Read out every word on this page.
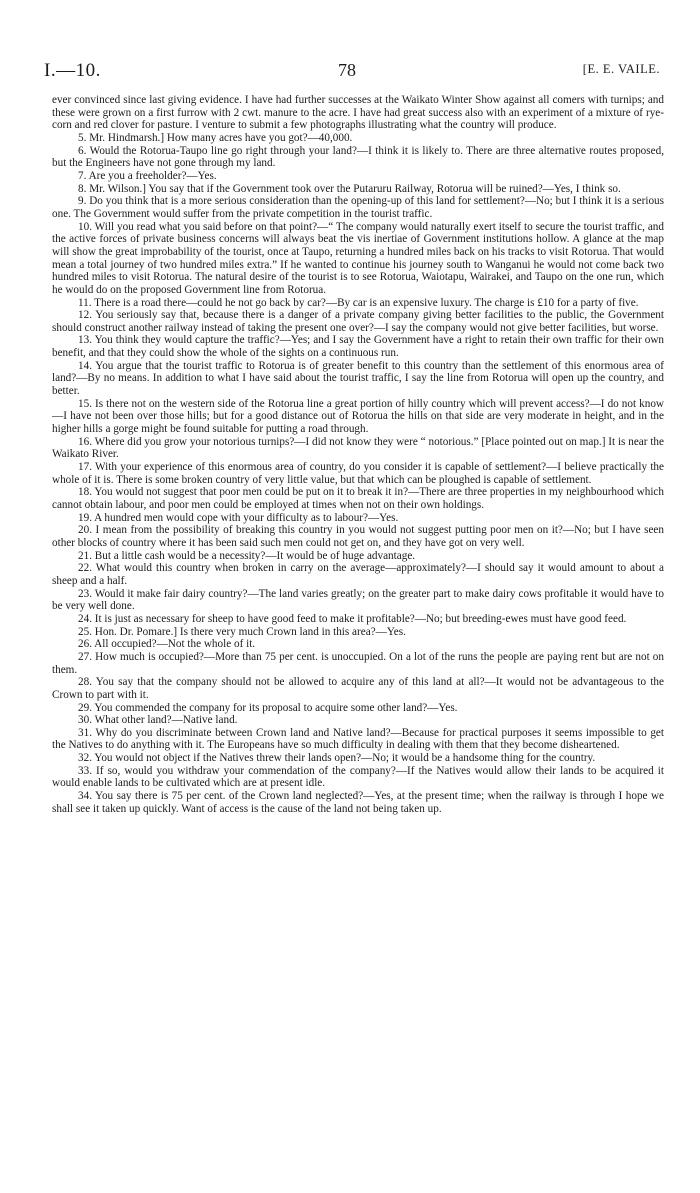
I.—10.	78	[E. E. VAILE.

ever convinced since last giving evidence. I have had further successes at the Waikato Winter Show against all comers with turnips; and these were grown on a first furrow with 2 cwt. manure to the acre. I have had great success also with an experiment of a mixture of rye-corn and red clover for pasture. I venture to submit a few photographs illustrating what the country will produce.

5. Mr. Hindmarsh.] How many acres have you got?—40,000.

6. Would the Rotorua-Taupo line go right through your land?—I think it is likely to. There are three alternative routes proposed, but the Engineers have not gone through my land.

7. Are you a freeholder?—Yes.

8. Mr. Wilson.] You say that if the Government took over the Putaruru Railway, Rotorua will be ruined?—Yes, I think so.

9. Do you think that is a more serious consideration than the opening-up of this land for settlement?—No; but I think it is a serious one. The Government would suffer from the private competition in the tourist traffic.

10. Will you read what you said before on that point?—“ The company would naturally exert itself to secure the tourist traffic, and the active forces of private business concerns will always beat the vis inertiae of Government institutions hollow. A glance at the map will show the great improbability of the tourist, once at Taupo, returning a hundred miles back on his tracks to visit Rotorua. That would mean a total journey of two hundred miles extra.” If he wanted to continue his journey south to Wanganui he would not come back two hundred miles to visit Rotorua. The natural desire of the tourist is to see Rotorua, Waiotapu, Wairakei, and Taupo on the one run, which he would do on the proposed Government line from Rotorua.

11. There is a road there—could he not go back by car?—By car is an expensive luxury. The charge is £10 for a party of five.

12. You seriously say that, because there is a danger of a private company giving better facilities to the public, the Government should construct another railway instead of taking the present one over?—I say the company would not give better facilities, but worse.

13. You think they would capture the traffic?—Yes; and I say the Government have a right to retain their own traffic for their own benefit, and that they could show the whole of the sights on a continuous run.

14. You argue that the tourist traffic to Rotorua is of greater benefit to this country than the settlement of this enormous area of land?—By no means. In addition to what I have said about the tourist traffic, I say the line from Rotorua will open up the country, and better.

15. Is there not on the western side of the Rotorua line a great portion of hilly country which will prevent access?—I do not know—I have not been over those hills; but for a good distance out of Rotorua the hills on that side are very moderate in height, and in the higher hills a gorge might be found suitable for putting a road through.

16. Where did you grow your notorious turnips?—I did not know they were “ notorious.” [Place pointed out on map.] It is near the Waikato River.

17. With your experience of this enormous area of country, do you consider it is capable of settlement?—I believe practically the whole of it is. There is some broken country of very little value, but that which can be ploughed is capable of settlement.

18. You would not suggest that poor men could be put on it to break it in?—There are three properties in my neighbourhood which cannot obtain labour, and poor men could be employed at times when not on their own holdings.

19. A hundred men would cope with your difficulty as to labour?—Yes.

20. I mean from the possibility of breaking this country in you would not suggest putting poor men on it?—No; but I have seen other blocks of country where it has been said such men could not get on, and they have got on very well.

21. But a little cash would be a necessity?—It would be of huge advantage.

22. What would this country when broken in carry on the average—approximately?—I should say it would amount to about a sheep and a half.

23. Would it make fair dairy country?—The land varies greatly; on the greater part to make dairy cows profitable it would have to be very well done.

24. It is just as necessary for sheep to have good feed to make it profitable?—No; but breeding-ewes must have good feed.

25. Hon. Dr. Pomare.] Is there very much Crown land in this area?—Yes.

26. All occupied?—Not the whole of it.

27. How much is occupied?—More than 75 per cent. is unoccupied. On a lot of the runs the people are paying rent but are not on them.

28. You say that the company should not be allowed to acquire any of this land at all?—It would not be advantageous to the Crown to part with it.

29. You commended the company for its proposal to acquire some other land?—Yes.

30. What other land?—Native land.

31. Why do you discriminate between Crown land and Native land?—Because for practical purposes it seems impossible to get the Natives to do anything with it. The Europeans have so much difficulty in dealing with them that they become disheartened.

32. You would not object if the Natives threw their lands open?—No; it would be a handsome thing for the country.

33. If so, would you withdraw your commendation of the company?—If the Natives would allow their lands to be acquired it would enable lands to be cultivated which are at present idle.

34. You say there is 75 per cent. of the Crown land neglected?—Yes, at the present time; when the railway is through I hope we shall see it taken up quickly. Want of access is the cause of the land not being taken up.
